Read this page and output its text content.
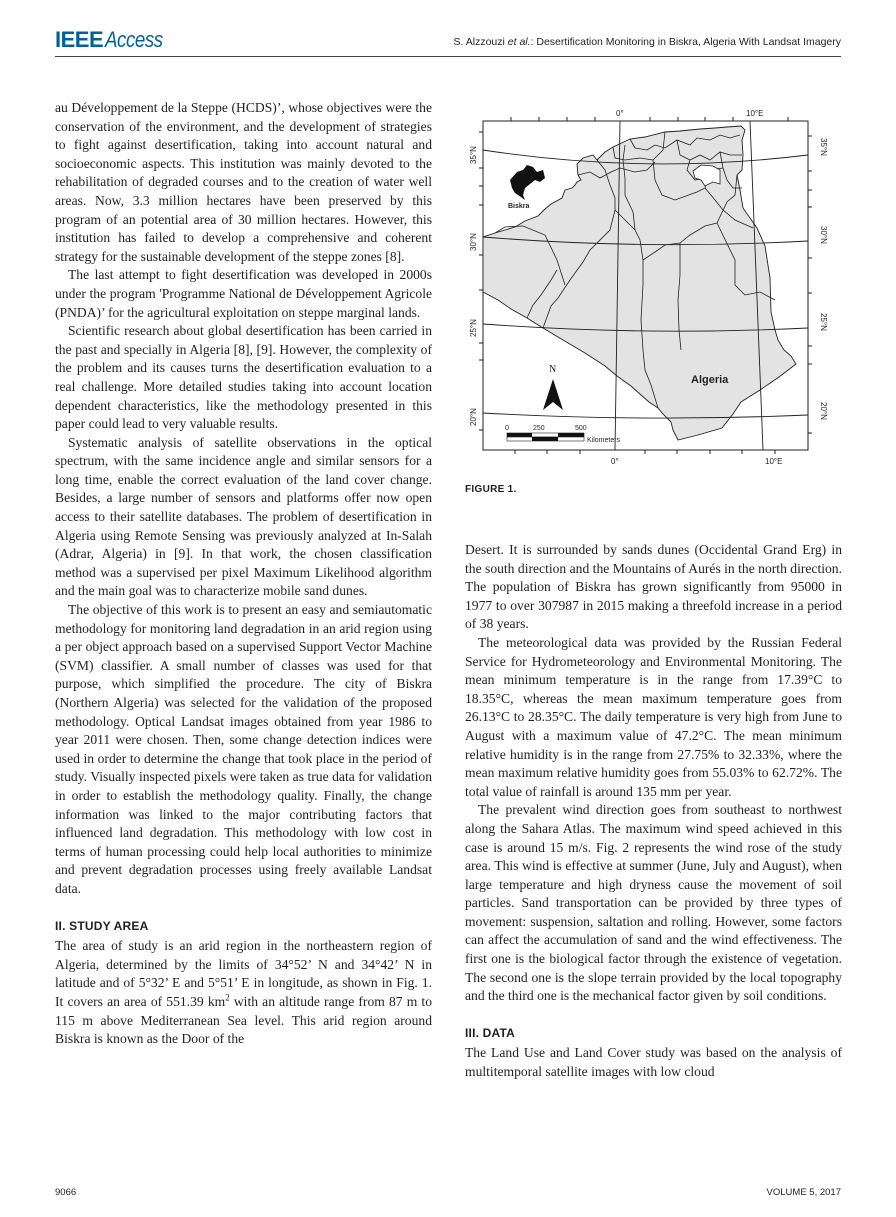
IEEEAccess	S. Alzzouzi et al.: Desertification Monitoring in Biskra, Algeria With Landsat Imagery

au Développement de la Steppe (HCDS)’, whose objectives were the conservation of the environment, and the development of strategies to fight against desertification, taking into account natural and socioeconomic aspects. This institution was mainly devoted to the rehabilitation of degraded courses and to the creation of water well areas. Now, 3.3 million hectares have been preserved by this program of an potential area of 30 million hectares. However, this institution has failed to develop a comprehensive and coherent strategy for the sustainable development of the steppe zones [8].

The last attempt to fight desertification was developed in 2000s under the program 'Programme National de Développement Agricole (PNDA)’ for the agricultural exploitation on steppe marginal lands.

Scientific research about global desertification has been carried in the past and specially in Algeria [8], [9]. However, the complexity of the problem and its causes turns the desertification evaluation to a real challenge. More detailed studies taking into account location dependent characteristics, like the methodology presented in this paper could lead to very valuable results.

Systematic analysis of satellite observations in the optical spectrum, with the same incidence angle and similar sensors for a long time, enable the correct evaluation of the land cover change. Besides, a large number of sensors and platforms offer now open access to their satellite databases. The problem of desertification in Algeria using Remote Sensing was previously analyzed at In-Salah (Adrar, Algeria) in [9]. In that work, the chosen classification method was a supervised per pixel Maximum Likelihood algorithm and the main goal was to characterize mobile sand dunes.

The objective of this work is to present an easy and semiautomatic methodology for monitoring land degradation in an arid region using a per object approach based on a supervised Support Vector Machine (SVM) classifier. A small number of classes was used for that purpose, which simplified the procedure. The city of Biskra (Northern Algeria) was selected for the validation of the proposed methodology. Optical Landsat images obtained from year 1986 to year 2011 were chosen. Then, some change detection indices were used in order to determine the change that took place in the period of study. Visually inspected pixels were taken as true data for validation in order to establish the methodology quality. Finally, the change information was linked to the major contributing factors that influenced land degradation. This methodology with low cost in terms of human processing could help local authorities to minimize and prevent degradation processes using freely available Landsat data.

II. STUDY AREA

The area of study is an arid region in the northeastern region of Algeria, determined by the limits of 34°52’ N and 34°42’ N in latitude and of 5°32’ E and 5°51’ E in longitude, as shown in Fig. 1. It covers an area of 551.39 $km^2$ with an altitude range from 87 m to 115 m above Mediterranean Sea level. This arid region around Biskra is known as the Door of the

Biskra
Algeria
N
0	250	500
Kilometers
0°	10°E
0°	10°E
35°N
30°N
25°N
20°N
35°N
30°N
25°N
20°N
FIGURE 1.

Desert. It is surrounded by sands dunes (Occidental Grand Erg) in the south direction and the Mountains of Aurés in the north direction. The population of Biskra has grown significantly from 95000 in 1977 to over 307987 in 2015 making a threefold increase in a period of 38 years.

The meteorological data was provided by the Russian Federal Service for Hydrometeorology and Environmental Monitoring. The mean minimum temperature is in the range from 17.39°C to 18.35°C, whereas the mean maximum temperature goes from 26.13°C to 28.35°C. The daily temperature is very high from June to August with a maximum value of 47.2°C. The mean minimum relative humidity is in the range from 27.75% to 32.33%, where the mean maximum relative humidity goes from 55.03% to 62.72%. The total value of rainfall is around 135 mm per year.

The prevalent wind direction goes from southeast to northwest along the Sahara Atlas. The maximum wind speed achieved in this case is around 15 m/s. Fig. 2 represents the wind rose of the study area. This wind is effective at summer (June, July and August), when large temperature and high dryness cause the movement of soil particles. Sand transportation can be provided by three types of movement: suspension, saltation and rolling. However, some factors can affect the accumulation of sand and the wind effectiveness. The first one is the biological factor through the existence of vegetation. The second one is the slope terrain provided by the local topography and the third one is the mechanical factor given by soil conditions.

III. DATA

The Land Use and Land Cover study was based on the analysis of multitemporal satellite images with low cloud

9066	VOLUME 5, 2017
